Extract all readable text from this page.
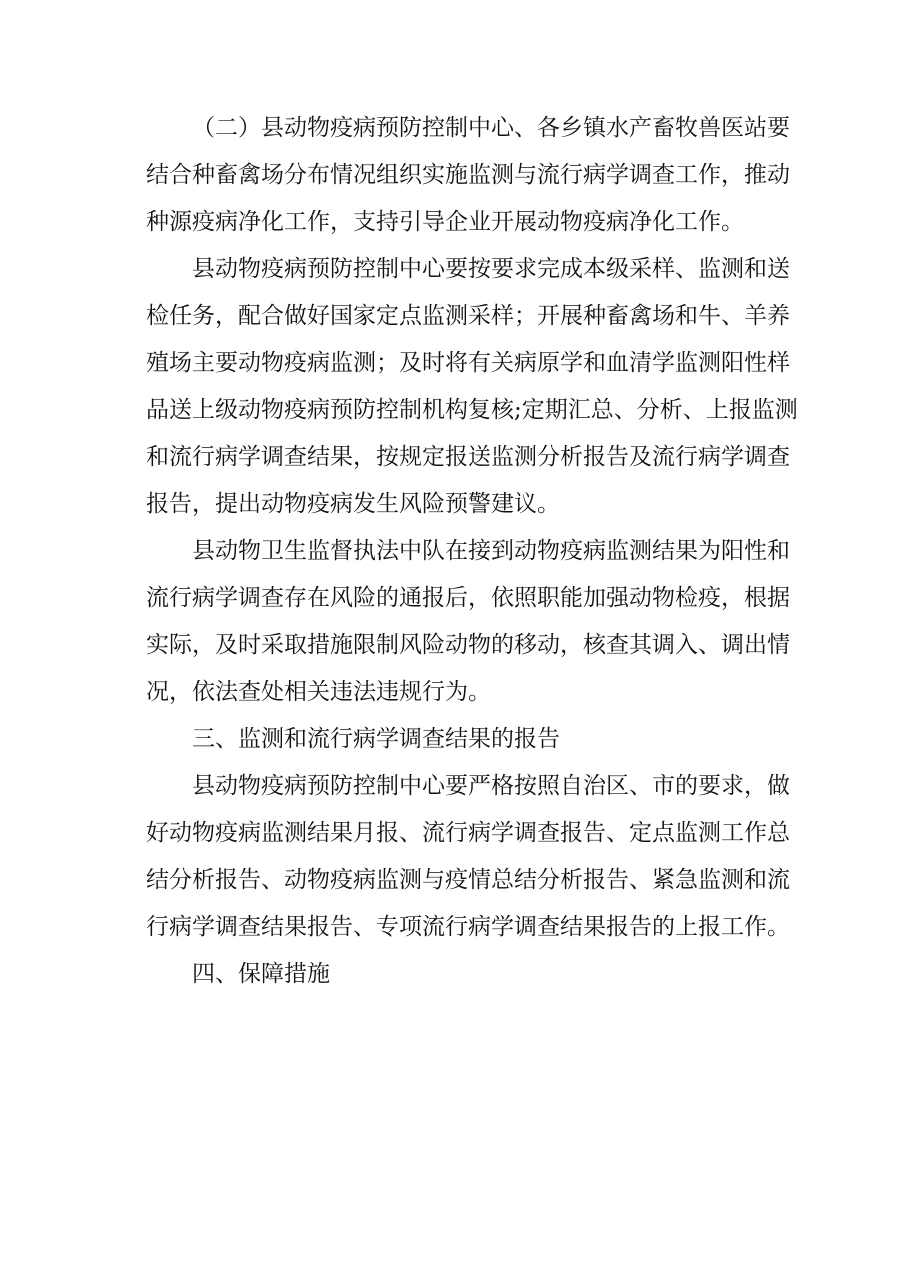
（二）县动物疫病预防控制中心、各乡镇水产畜牧兽医站要
结合种畜禽场分布情况组织实施监测与流行病学调查工作，推动
种源疫病净化工作，支持引导企业开展动物疫病净化工作。
县动物疫病预防控制中心要按要求完成本级采样、监测和送
检任务，配合做好国家定点监测采样；开展种畜禽场和牛、羊养
殖场主要动物疫病监测；及时将有关病原学和血清学监测阳性样
品送上级动物疫病预防控制机构复核;定期汇总、分析、上报监测
和流行病学调查结果，按规定报送监测分析报告及流行病学调查
报告，提出动物疫病发生风险预警建议。
县动物卫生监督执法中队在接到动物疫病监测结果为阳性和
流行病学调查存在风险的通报后，依照职能加强动物检疫，根据
实际，及时采取措施限制风险动物的移动，核查其调入、调出情
况，依法查处相关违法违规行为。
三、监测和流行病学调查结果的报告
县动物疫病预防控制中心要严格按照自治区、市的要求，做
好动物疫病监测结果月报、流行病学调查报告、定点监测工作总
结分析报告、动物疫病监测与疫情总结分析报告、紧急监测和流
行病学调查结果报告、专项流行病学调查结果报告的上报工作。
四、保障措施
